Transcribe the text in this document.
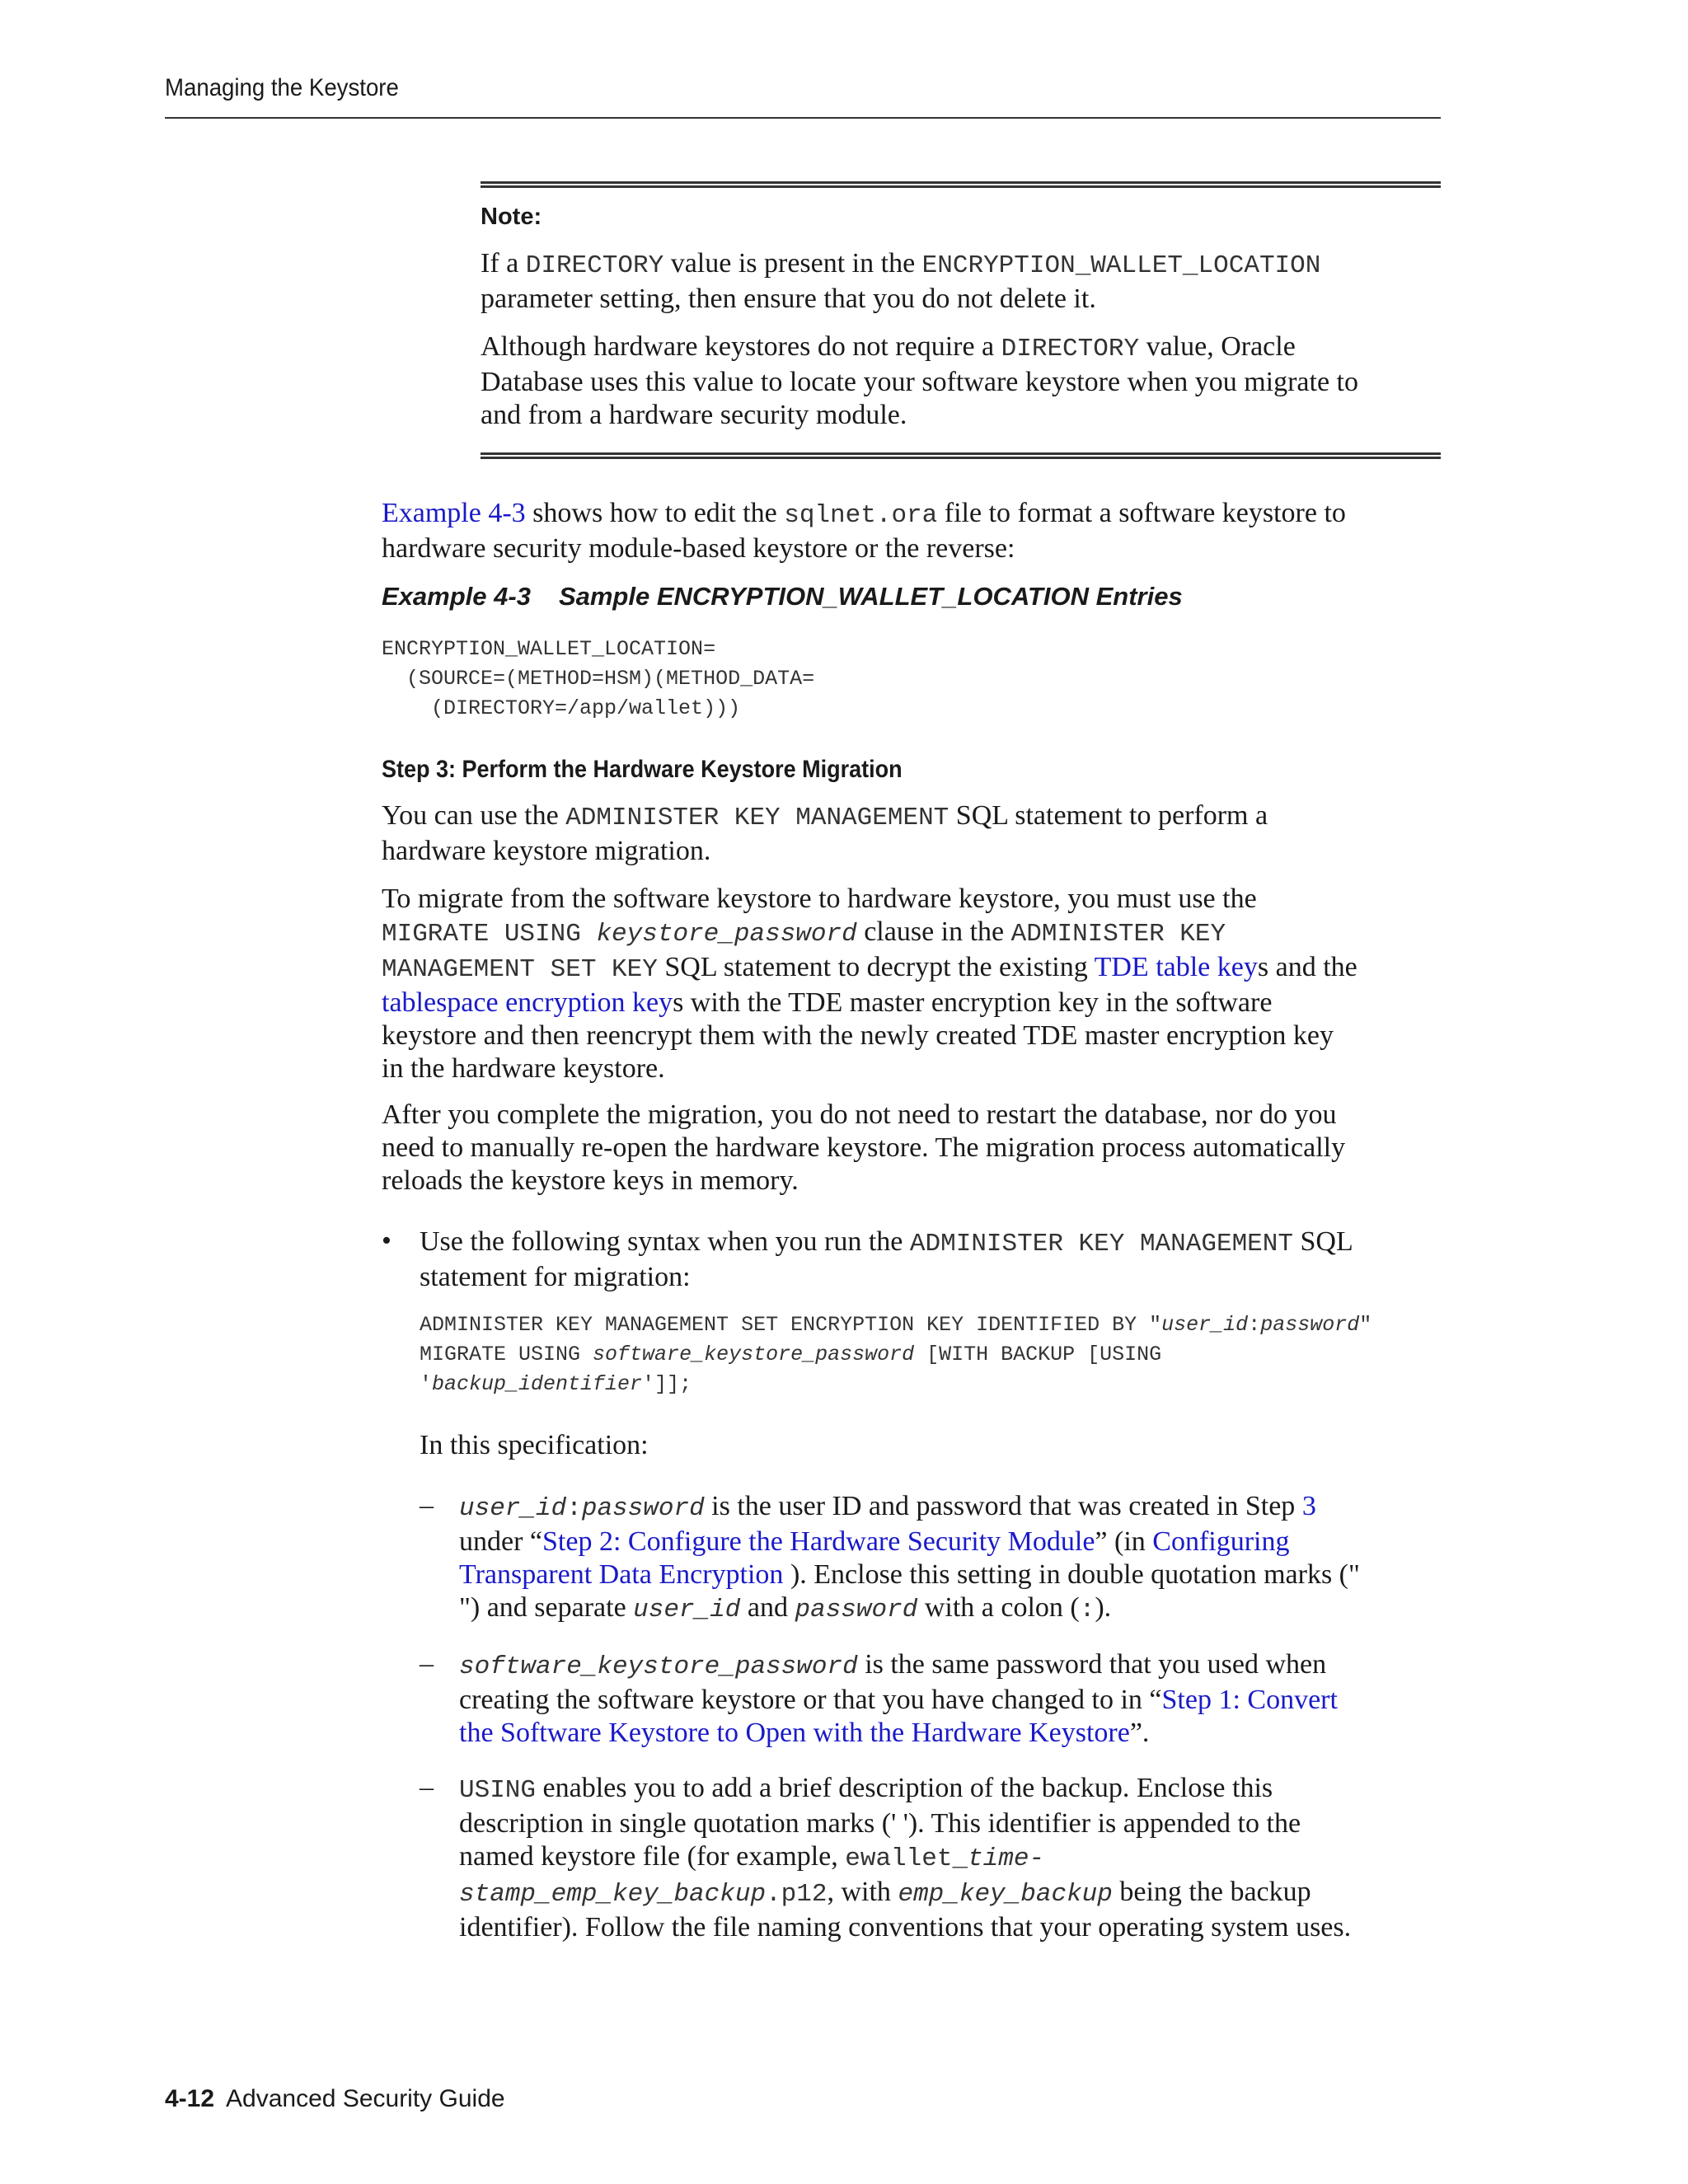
Managing the Keystore
Note:

If a DIRECTORY value is present in the ENCRYPTION_WALLET_LOCATION

parameter setting, then ensure that you do not delete it.

Although hardware keystores do not require a DIRECTORY value, Oracle

Database uses this value to locate your software keystore when you migrate to

and from a hardware security module.

Example 4-3 shows how to edit the sqlnet.ora file to format a software keystore to

hardware security module-based keystore or the reverse:

Example 4-3 Sample ENCRYPTION_WALLET_LOCATION Entries
ENCRYPTION_WALLET_LOCATION=
(SOURCE=(METHOD=HSM)(METHOD_DATA=
(DIRECTORY=/app/wallet)))
Step 3: Perform the Hardware Keystore Migration

You can use the ADMINISTER KEY MANAGEMENT SQL statement to perform a

hardware keystore migration.

To migrate from the software keystore to hardware keystore, you must use the

MIGRATE USING keystore_password clause in the ADMINISTER KEY

MANAGEMENT SET KEY SQL statement to decrypt the existing TDE table keys and the

tablespace encryption keys with the TDE master encryption key in the software

keystore and then reencrypt them with the newly created TDE master encryption key

in the hardware keystore.

After you complete the migration, you do not need to restart the database, nor do you

need to manually re-open the hardware keystore. The migration process automatically

reloads the keystore keys in memory.

• Use the following syntax when you run the ADMINISTER KEY MANAGEMENT SQL

statement for migration:

ADMINISTER KEY MANAGEMENT SET ENCRYPTION KEY IDENTIFIED BY "user_id:password"
MIGRATE USING software_keystore_password [WITH BACKUP [USING
'backup_identifier']];

In this specification:

– user_id:password is the user ID and password that was created in Step 3

under “Step 2: Configure the Hardware Security Module” (in Configuring

Transparent Data Encryption ). Enclose this setting in double quotation marks ("

") and separate user_id and password with a colon (:).

– software_keystore_password is the same password that you used when

creating the software keystore or that you have changed to in “Step 1: Convert

the Software Keystore to Open with the Hardware Keystore”.

– USING enables you to add a brief description of the backup. Enclose this

description in single quotation marks (' '). This identifier is appended to the

named keystore file (for example, ewallet_time-

stamp_emp_key_backup.p12, with emp_key_backup being the backup

identifier). Follow the file naming conventions that your operating system uses.

4-12 Advanced Security Guide
